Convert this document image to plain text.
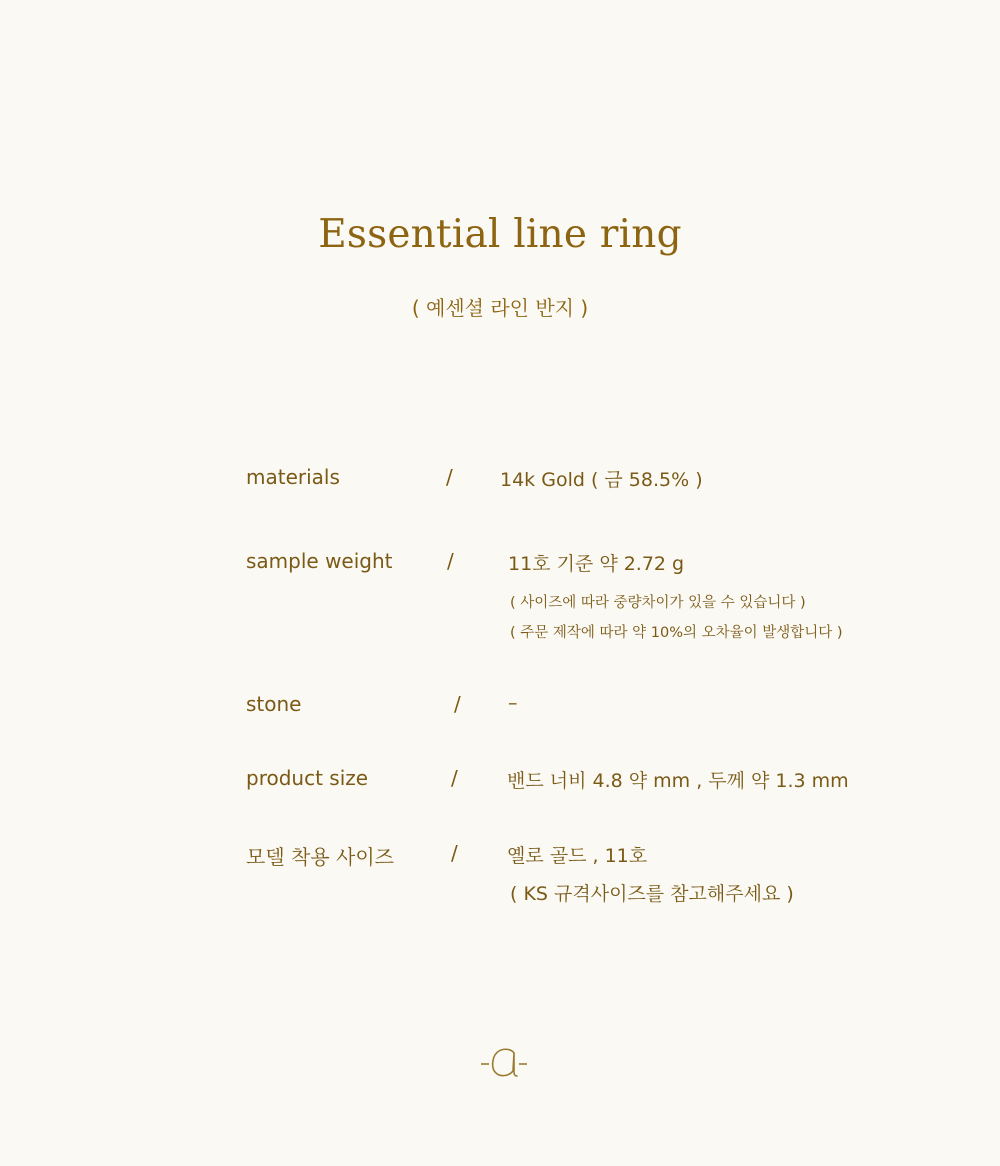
Essential line ring
( 예센셜 라인 반지 )
materials	/ 14k Gold ( 금 58.5% )
sample weight	/	11호 기준 약 2.72 g
( 사이즈에 따라 중량차이가 있을 수 있습니다 )
( 주문 제작에 따라 약 10%의 오차율이 발생합니다 )
stone	/ –
product size	/	밴드 너비 4.8 약 mm , 두께 약 1.3 mm
모델 착용 사이즈	/	옐로 골드 , 11호
( KS 규격사이즈를 참고해주세요 )
